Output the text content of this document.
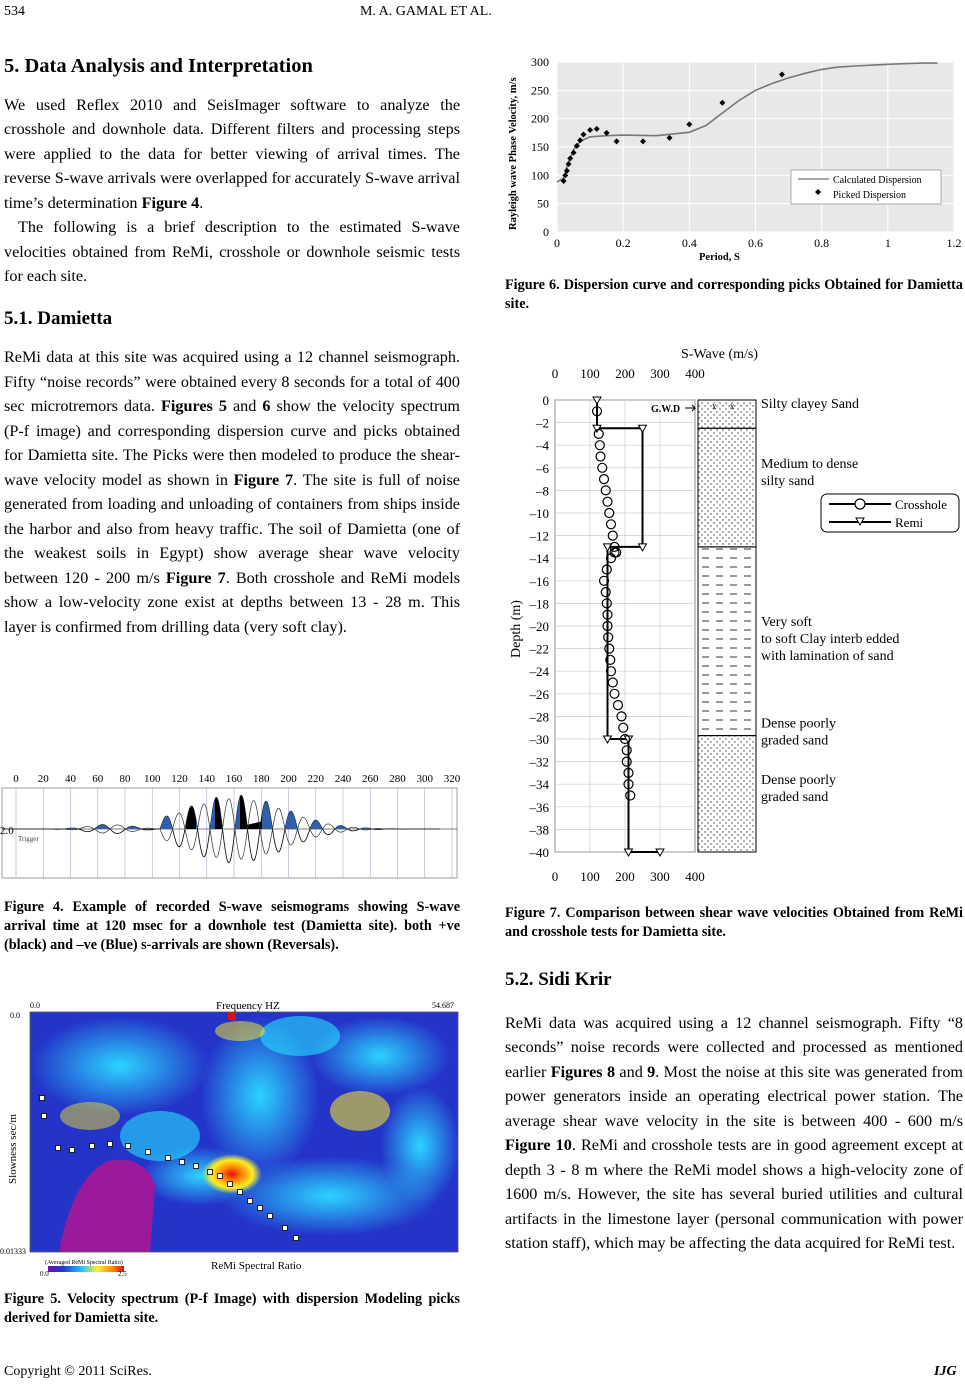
534	M. A. GAMAL ET AL.
5. Data Analysis and Interpretation

We used Reflex 2010 and SeisImager software to analyze the crosshole and downhole data. Different filters and processing steps were applied to the data for better viewing of arrival times. The reverse S-wave arrivals were overlapped for accurately S-wave arrival time’s determination Figure 4.

The following is a brief description to the estimated S-wave velocities obtained from ReMi, crosshole or downhole seismic tests for each site.

5.1. Damietta

ReMi data at this site was acquired using a 12 channel seismograph. Fifty “noise records” were obtained every 8 seconds for a total of 400 sec microtremors data. Figures 5 and 6 show the velocity spectrum (P-f image) and corresponding dispersion curve and picks obtained for Damietta site. The Picks were then modeled to produce the shear-wave velocity model as shown in Figure 7. The site is full of noise generated from loading and unloading of containers from ships inside the harbor and also from heavy traffic. The soil of Damietta (one of the weakest soils in Egypt) show average shear wave velocity between 120 - 200 m/s Figure 7. Both crosshole and ReMi models show a low-velocity zone exist at depths between 13 - 28 m. This layer is confirmed from drilling data (very soft clay).

0 20 40 60 80 100 120 140 160 180 200 220 240 260 280 300 320
2.0
Trigger
Figure 4. Example of recorded S-wave seismograms showing S-wave arrival time at 120 msec for a downhole test (Damietta site). both +ve (black) and –ve (Blue) s-arrivals are shown (Reversals).
0.0	Frequency HZ	54.687
0.0
0.01333
Slowness sec/m
(Averaged ReMi Spectral Ratio)
0.0	2.5
ReMi Spectral Ratio
Figure 5. Velocity spectrum (P-f Image) with dispersion Modeling picks derived for Damietta site.
Rayleigh wave Phase Velocity, m/s
Period, S
0
50
100
150
200
250
300
0	0.2	0.4	0.6	0.8	1	1.2
Calculated Dispersion
Picked Dispersion
Figure 6. Dispersion curve and corresponding picks Obtained for Damietta site.
S-Wave (m/s)
0
0
100
100
200
200
300
300
400
400
0
–2
–4
–6
–8
–10
–12
–14
–16
–18
–20
–22
–24
–26
–28
–30
–32
–34
–36
–38
–40
Depth (m)
x x Silty clayey Sand
Medium to dense silty sand
Very soft to soft Clay interb edded with lamination of sand
Dense poorly graded sand
Dense poorly graded sand
G.W.D
Crosshole
Remi
Figure 7. Comparison between shear wave velocities Obtained from ReMi and crosshole tests for Damietta site.
5.2. Sidi Krir

ReMi data was acquired using a 12 channel seismograph. Fifty “8 seconds” noise records were collected and processed as mentioned earlier Figures 8 and 9. Most the noise at this site was generated from power generators inside an operating electrical power station. The average shear wave velocity in the site is between 400 - 600 m/s Figure 10. ReMi and crosshole tests are in good agreement except at depth 3 - 8 m where the ReMi model shows a high-velocity zone of 1600 m/s. However, the site has several buried utilities and cultural artifacts in the limestone layer (personal communication with power station staff), which may be affecting the data acquired for ReMi test.

Copyright © 2011 SciRes.	IJG
